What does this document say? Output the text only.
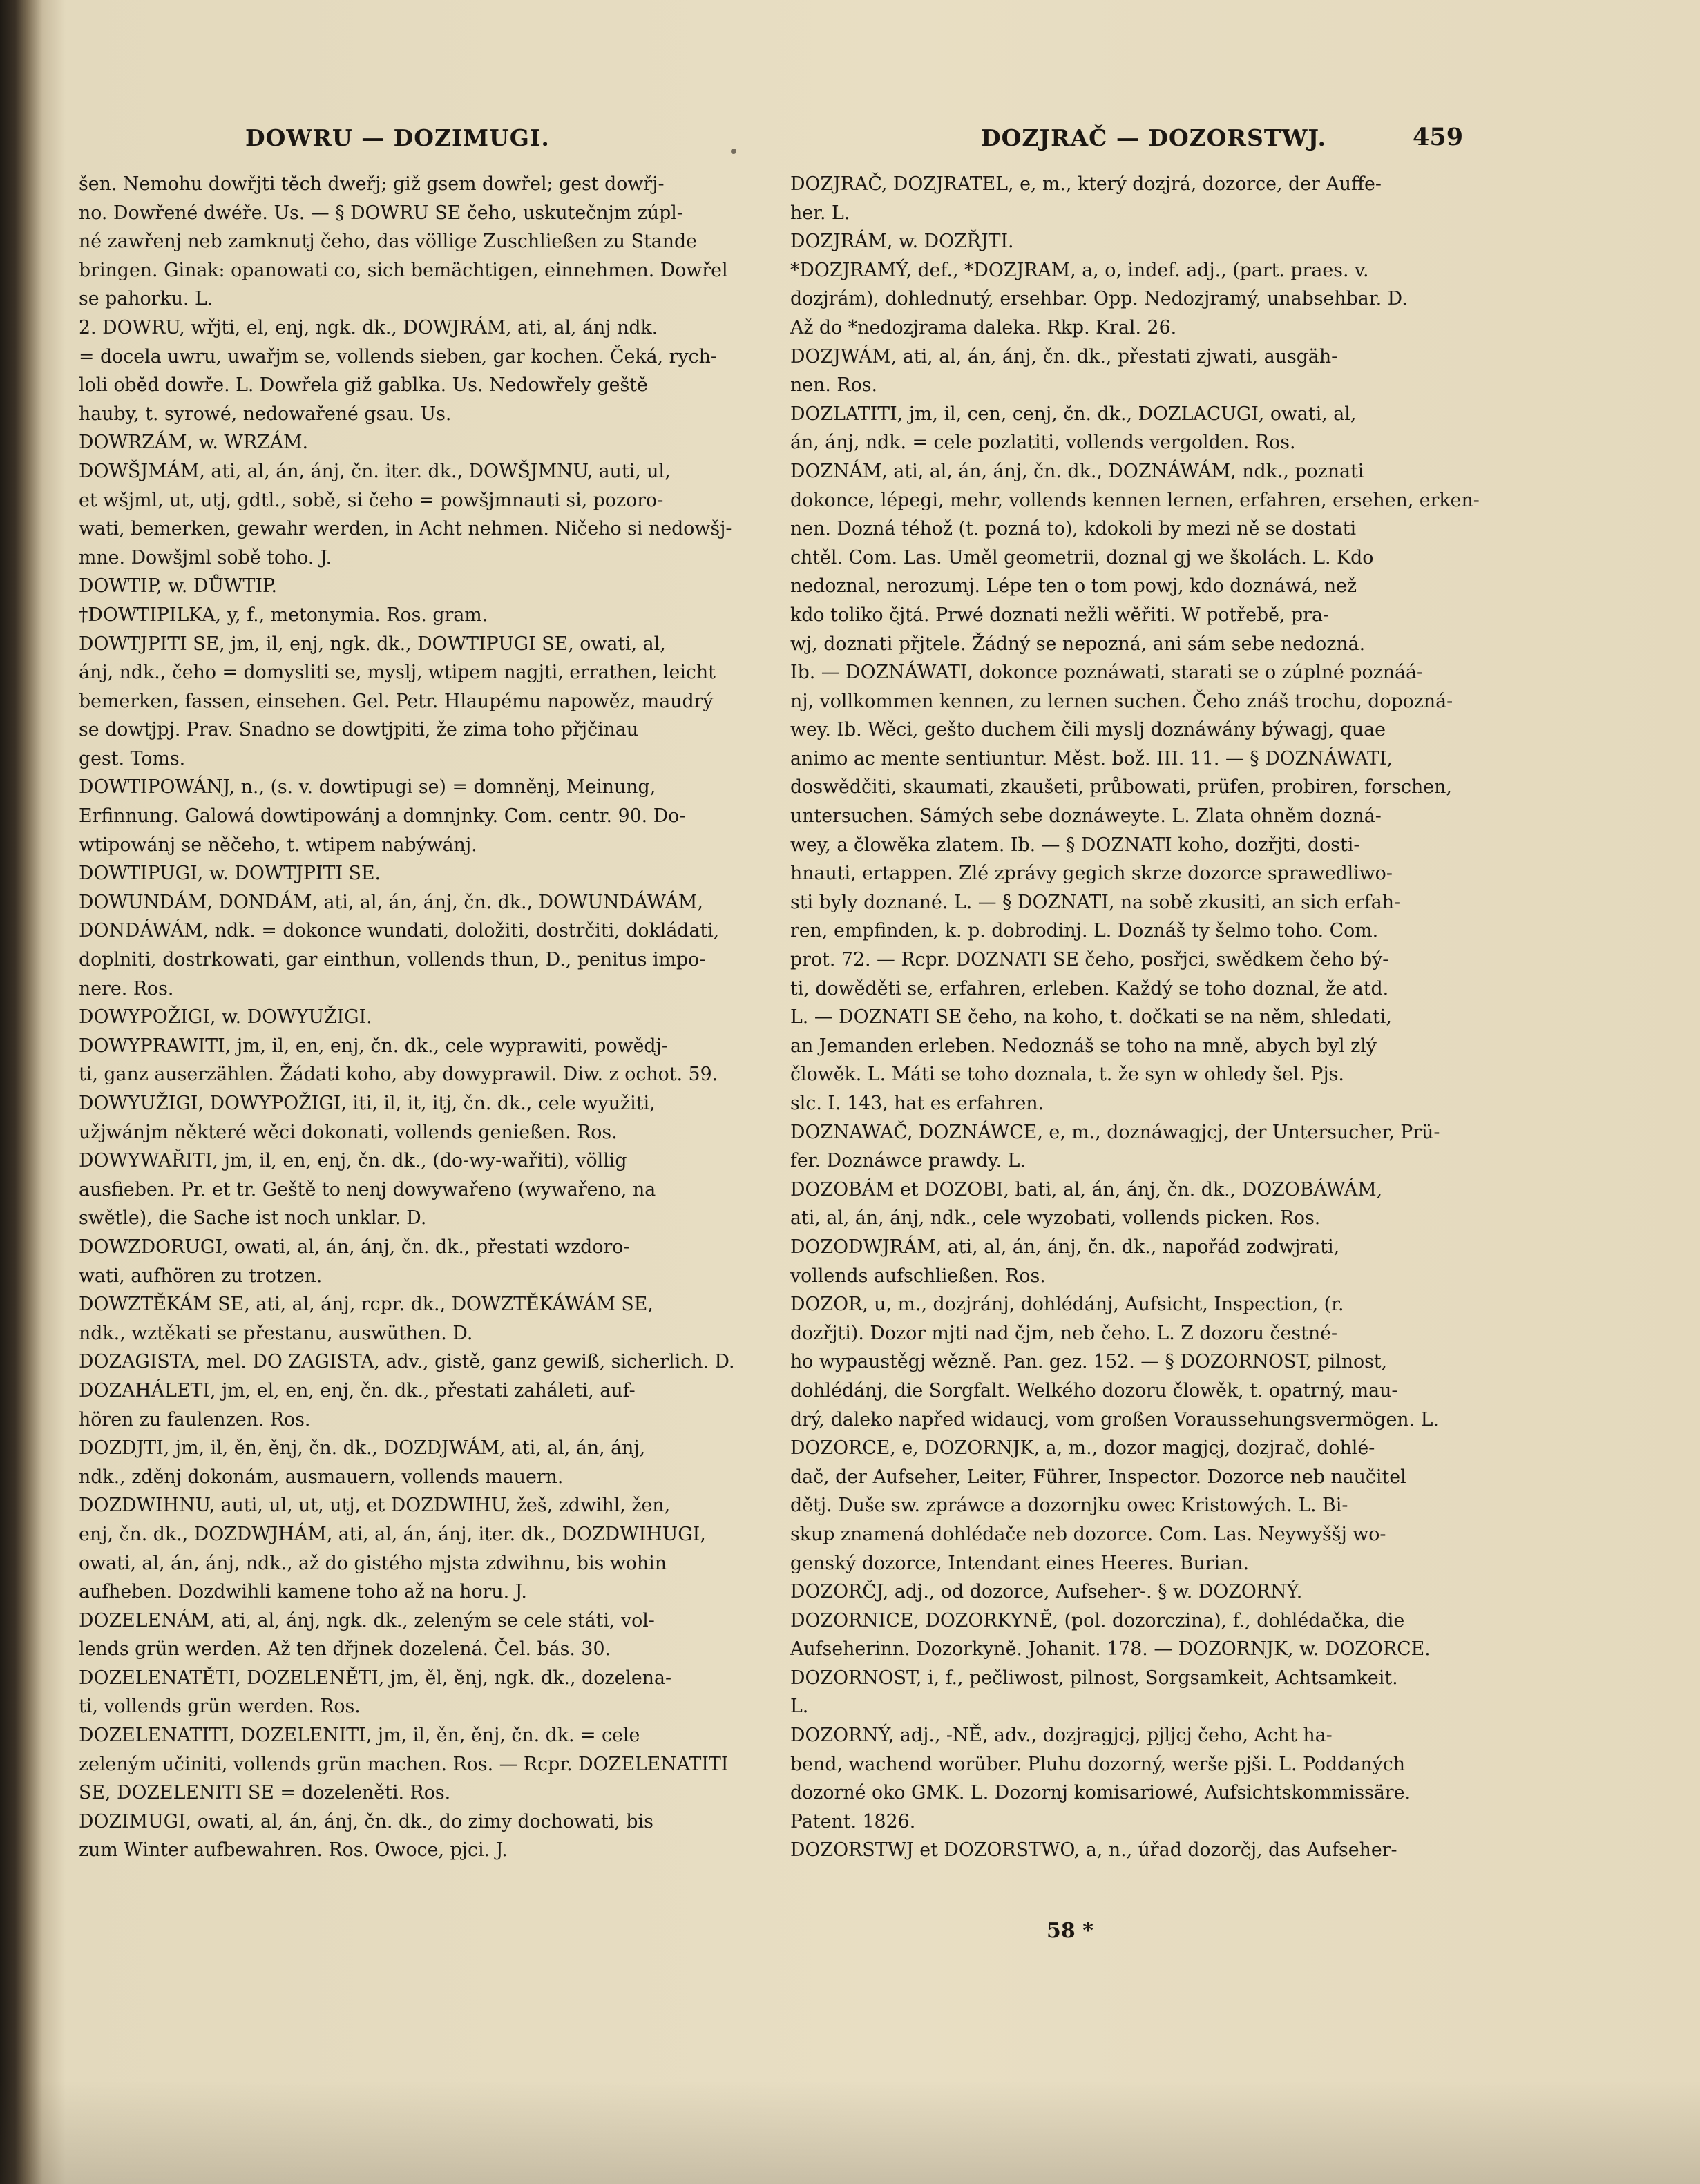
DOWRU — DOZIMUGI.	DOZJRAČ — DOZORSTWJ.	459
šen. Nemohu dowřjti těch dweřj; giž gsem dowřel; gest dowřj-
no. Dowřené dwéře. Us. — § DOWRU SE čeho, uskutečnjm zúpl-
né zawřenj neb zamknutj čeho, das völlige Zuschließen zu Stande
bringen. Ginak: opanowati co, sich bemächtigen, einnehmen. Dowřel
se pahorku. L.
2. DOWRU, wřjti, el, enj, ngk. dk., DOWJRÁM, ati, al, ánj ndk.
= docela uwru, uwařjm se, vollends sieben, gar kochen. Čeká, rych-
loli oběd dowře. L. Dowřela giž gablka. Us. Nedowřely geště
hauby, t. syrowé, nedowařené gsau. Us.
DOWRZÁM, w. WRZÁM.
DOWŠJMÁM, ati, al, án, ánj, čn. iter. dk., DOWŠJMNU, auti, ul,
et wšjml, ut, utj, gdtl., sobě, si čeho = powšjmnauti si, pozoro-
wati, bemerken, gewahr werden, in Acht nehmen. Ničeho si nedowšj-
mne. Dowšjml sobě toho. J.
DOWTIP, w. DŮWTIP.
†DOWTIPILKA, y, f., metonymia. Ros. gram.
DOWTJPITI SE, jm, il, enj, ngk. dk., DOWTIPUGI SE, owati, al,
ánj, ndk., čeho = domysliti se, myslj, wtipem nagjti, errathen, leicht
bemerken, fassen, einsehen. Gel. Petr. Hlaupému napowěz, maudrý
se dowtjpj. Prav. Snadno se dowtjpiti, že zima toho přjčinau
gest. Toms.
DOWTIPOWÁNJ, n., (s. v. dowtipugi se) = domněnj, Meinung,
Erfinnung. Galowá dowtipowánj a domnjnky. Com. centr. 90. Do-
wtipowánj se něčeho, t. wtipem nabýwánj.
DOWTIPUGI, w. DOWTJPITI SE.
DOWUNDÁM, DONDÁM, ati, al, án, ánj, čn. dk., DOWUNDÁWÁM,
DONDÁWÁM, ndk. = dokonce wundati, doložiti, dostrčiti, dokládati,
doplniti, dostrkowati, gar einthun, vollends thun, D., penitus impo-
nere. Ros.
DOWYPOŽIGI, w. DOWYUŽIGI.
DOWYPRAWITI, jm, il, en, enj, čn. dk., cele wyprawiti, powědj-
ti, ganz auserzählen. Žádati koho, aby dowyprawil. Diw. z ochot. 59.
DOWYUŽIGI, DOWYPOŽIGI, iti, il, it, itj, čn. dk., cele wyužiti,
užjwánjm některé wěci dokonati, vollends genießen. Ros.
DOWYWAŘITI, jm, il, en, enj, čn. dk., (do-wy-wařiti), völlig
ausfieben. Pr. et tr. Geště to nenj dowywařeno (wywařeno, na
swětle), die Sache ist noch unklar. D.
DOWZDORUGI, owati, al, án, ánj, čn. dk., přestati wzdoro-
wati, aufhören zu trotzen.
DOWZTĚKÁM SE, ati, al, ánj, rcpr. dk., DOWZTĚKÁWÁM SE,
ndk., wztěkati se přestanu, auswüthen. D.
DOZAGISTA, mel. DO ZAGISTA, adv., gistě, ganz gewiß, sicherlich. D.
DOZAHÁLETI, jm, el, en, enj, čn. dk., přestati zaháleti, auf-
hören zu faulenzen. Ros.
DOZDJTI, jm, il, ěn, ěnj, čn. dk., DOZDJWÁM, ati, al, án, ánj,
ndk., zděnj dokonám, ausmauern, vollends mauern.
DOZDWIHNU, auti, ul, ut, utj, et DOZDWIHU, žeš, zdwihl, žen,
enj, čn. dk., DOZDWJHÁM, ati, al, án, ánj, iter. dk., DOZDWIHUGI,
owati, al, án, ánj, ndk., až do gistého mjsta zdwihnu, bis wohin
aufheben. Dozdwihli kamene toho až na horu. J.
DOZELENÁM, ati, al, ánj, ngk. dk., zeleným se cele státi, vol-
lends grün werden. Až ten dřjnek dozelená. Čel. bás. 30.
DOZELENATĚTI, DOZELENĚTI, jm, ěl, ěnj, ngk. dk., dozelena-
ti, vollends grün werden. Ros.
DOZELENATITI, DOZELENITI, jm, il, ěn, ěnj, čn. dk. = cele
zeleným učiniti, vollends grün machen. Ros. — Rcpr. DOZELENATITI
SE, DOZELENITI SE = dozeleněti. Ros.
DOZIMUGI, owati, al, án, ánj, čn. dk., do zimy dochowati, bis
zum Winter aufbewahren. Ros. Owoce, pjci. J.
DOZJRAČ, DOZJRATEL, e, m., který dozjrá, dozorce, der Auffe-
her. L.
DOZJRÁM, w. DOZŘJTI.
*DOZJRAMÝ, def., *DOZJRAM, a, o, indef. adj., (part. praes. v.
dozjrám), dohlednutý, ersehbar. Opp. Nedozjramý, unabsehbar. D.
Až do *nedozjrama daleka. Rkp. Kral. 26.
DOZJWÁM, ati, al, án, ánj, čn. dk., přestati zjwati, ausgäh-
nen. Ros.
DOZLATITI, jm, il, cen, cenj, čn. dk., DOZLACUGI, owati, al,
án, ánj, ndk. = cele pozlatiti, vollends vergolden. Ros.
DOZNÁM, ati, al, án, ánj, čn. dk., DOZNÁWÁM, ndk., poznati
dokonce, lépegi, mehr, vollends kennen lernen, erfahren, ersehen, erken-
nen. Dozná téhož (t. pozná to), kdokoli by mezi ně se dostati
chtěl. Com. Las. Uměl geometrii, doznal gj we školách. L. Kdo
nedoznal, nerozumj. Lépe ten o tom powj, kdo doznáwá, než
kdo toliko čjtá. Prwé doznati nežli wěřiti. W potřebě, pra-
wj, doznati přjtele. Žádný se nepozná, ani sám sebe nedozná.
Ib. — DOZNÁWATI, dokonce poznáwati, starati se o zúplné poznáá-
nj, vollkommen kennen, zu lernen suchen. Čeho znáš trochu, dopozná-
wey. Ib. Wěci, gešto duchem čili myslj doznáwány býwagj, quae
animo ac mente sentiuntur. Měst. bož. III. 11. — § DOZNÁWATI,
doswědčiti, skaumati, zkaušeti, průbowati, prüfen, probiren, forschen,
untersuchen. Sámých sebe doznáweyte. L. Zlata ohněm dozná-
wey, a člowěka zlatem. Ib. — § DOZNATI koho, dozřjti, dosti-
hnauti, ertappen. Zlé zprávy gegich skrze dozorce sprawedliwo-
sti byly doznané. L. — § DOZNATI, na sobě zkusiti, an sich erfah-
ren, empfinden, k. p. dobrodinj. L. Doznáš ty šelmo toho. Com.
prot. 72. — Rcpr. DOZNATI SE čeho, posřjci, swědkem čeho bý-
ti, dowěděti se, erfahren, erleben. Každý se toho doznal, že atd.
L. — DOZNATI SE čeho, na koho, t. dočkati se na něm, shledati,
an Jemanden erleben. Nedoznáš se toho na mně, abych byl zlý
člowěk. L. Máti se toho doznala, t. že syn w ohledy šel. Pjs.
slc. I. 143, hat es erfahren.
DOZNAWAČ, DOZNÁWCE, e, m., doznáwagjcj, der Untersucher, Prü-
fer. Doznáwce prawdy. L.
DOZOBÁM et DOZOBI, bati, al, án, ánj, čn. dk., DOZOBÁWÁM,
ati, al, án, ánj, ndk., cele wyzobati, vollends picken. Ros.
DOZODWJRÁM, ati, al, án, ánj, čn. dk., napořád zodwjrati,
vollends aufschließen. Ros.
DOZOR, u, m., dozjránj, dohlédánj, Aufsicht, Inspection, (r.
dozřjti). Dozor mjti nad čjm, neb čeho. L. Z dozoru čestné-
ho wypaustěgj wězně. Pan. gez. 152. — § DOZORNOST, pilnost,
dohlédánj, die Sorgfalt. Welkého dozoru člowěk, t. opatrný, mau-
drý, daleko napřed widaucj, vom großen Voraussehungsvermögen. L.
DOZORCE, e, DOZORNJK, a, m., dozor magjcj, dozjrač, dohlé-
dač, der Aufseher, Leiter, Führer, Inspector. Dozorce neb naučitel
dětj. Duše sw. zpráwce a dozornjku owec Kristowých. L. Bi-
skup znamená dohlédače neb dozorce. Com. Las. Neywyššj wo-
genský dozorce, Intendant eines Heeres. Burian.
DOZORČJ, adj., od dozorce, Aufseher-. § w. DOZORNÝ.
DOZORNICE, DOZORKYNĚ, (pol. dozorczina), f., dohlédačka, die
Aufseherinn. Dozorkyně. Johanit. 178. — DOZORNJK, w. DOZORCE.
DOZORNOST, i, f., pečliwost, pilnost, Sorgsamkeit, Achtsamkeit.
L.
DOZORNÝ, adj., -NĚ, adv., dozjragjcj, pjljcj čeho, Acht ha-
bend, wachend worüber. Pluhu dozorný, werše pjši. L. Poddaných
dozorné oko GMK. L. Dozornj komisariowé, Aufsichtskommissäre.
Patent. 1826.
DOZORSTWJ et DOZORSTWO, a, n., úřad dozorčj, das Aufseher-
58 *
